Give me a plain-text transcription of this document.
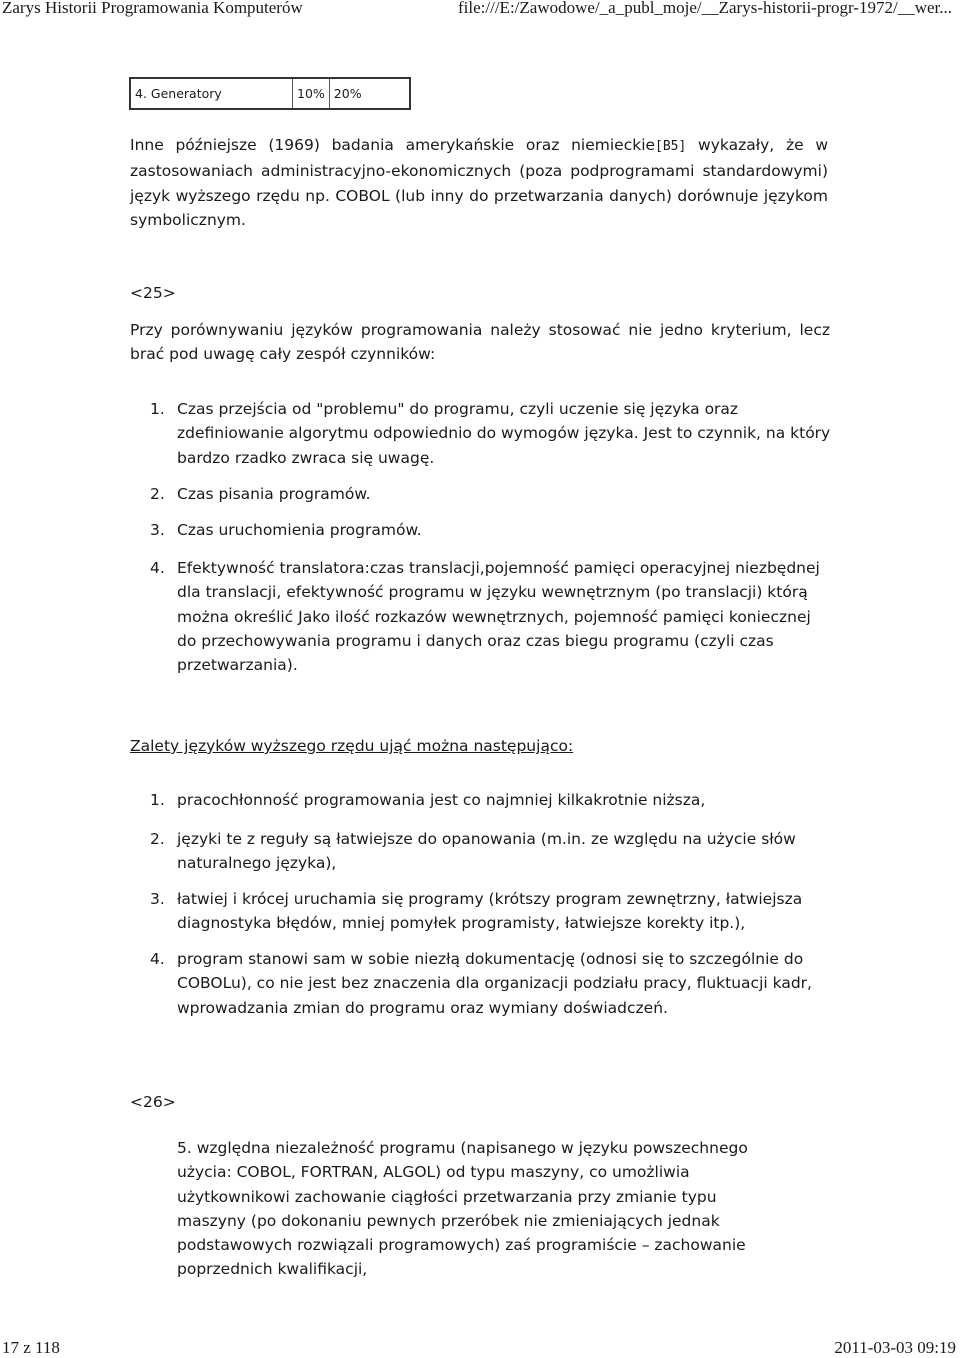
Zarys Historii Programowania Komputerów	file:///E:/Zawodowe/_a_publ_moje/__Zarys-historii-progr-1972/__wer...
4. Generatory	10%	20%
Inne późniejsze (1969) badania amerykańskie oraz niemieckie[B5] wykazały, że w zastosowaniach administracyjno-ekonomicznych (poza podprogramami standardowymi) język wyższego rzędu np. COBOL (lub inny do przetwarzania danych) dorównuje językom symbolicznym.
<25>
Przy porównywaniu języków programowania należy stosować nie jedno kryterium, lecz brać pod uwagę cały zespół czynników:
1. Czas przejścia od "problemu" do programu, czyli uczenie się języka oraz zdefiniowanie algorytmu odpowiednio do wymogów języka. Jest to czynnik, na który bardzo rzadko zwraca się uwagę.
2. Czas pisania programów.
3. Czas uruchomienia programów.
4. Efektywność translatora:czas translacji,pojemność pamięci operacyjnej niezbędnej dla translacji, efektywność programu w języku wewnętrznym (po translacji) którą można określić Jako ilość rozkazów wewnętrznych, pojemność pamięci koniecznej do przechowywania programu i danych oraz czas biegu programu (czyli czas przetwarzania).
Zalety języków wyższego rzędu ująć można następująco:
1. pracochłonność programowania jest co najmniej kilkakrotnie niższa,
2. języki te z reguły są łatwiejsze do opanowania (m.in. ze względu na użycie słów naturalnego języka),
3. łatwiej i krócej uruchamia się programy (krótszy program zewnętrzny, łatwiejsza diagnostyka błędów, mniej pomyłek programisty, łatwiejsze korekty itp.),
4. program stanowi sam w sobie niezłą dokumentację (odnosi się to szczególnie do COBOLu), co nie jest bez znaczenia dla organizacji podziału pracy, fluktuacji kadr, wprowadzania zmian do programu oraz wymiany doświadczeń.
<26>
5. względna niezależność programu (napisanego w języku powszechnego użycia: COBOL, FORTRAN, ALGOL) od typu maszyny, co umożliwia użytkownikowi zachowanie ciągłości przetwarzania przy zmianie typu maszyny (po dokonaniu pewnych przeróbek nie zmieniających jednak podstawowych rozwiązali programowych) zaś programiście – zachowanie poprzednich kwalifikacji,
17 z 118	2011-03-03 09:19
